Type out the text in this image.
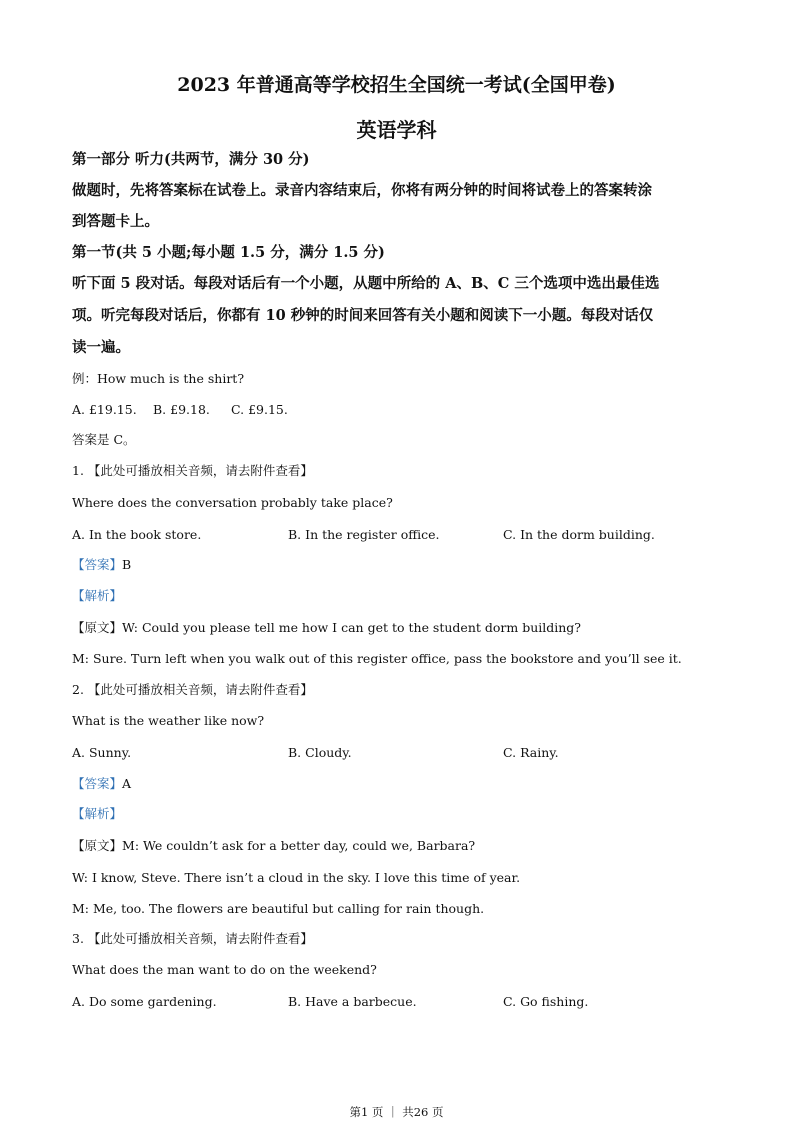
2023 年普通高等学校招生全国统一考试(全国甲卷)
英语学科
第一部分 听力(共两节，满分 30 分)
做题时，先将答案标在试卷上。录音内容结束后，你将有两分钟的时间将试卷上的答案转涂
到答题卡上。
第一节(共 5 小题;每小题 1.5 分，满分 1.5 分)
听下面 5 段对话。每段对话后有一个小题，从题中所给的 A、B、C 三个选项中选出最佳选
项。听完每段对话后，你都有 10 秒钟的时间来回答有关小题和阅读下一小题。每段对话仅
读一遍。
例：How much is the shirt?
A. £19.15. B. £9.18. C. £9.15.
答案是 C。
1. 【此处可播放相关音频，请去附件查看】
Where does the conversation probably take place?
A. In the book store.	B. In the register office.	C. In the dorm building.
【答案】B
【解析】
【原文】W: Could you please tell me how I can get to the student dorm building?
M: Sure. Turn left when you walk out of this register office, pass the bookstore and you’ll see it.
2. 【此处可播放相关音频，请去附件查看】
What is the weather like now?
A. Sunny.	B. Cloudy.	C. Rainy.
【答案】A
【解析】
【原文】M: We couldn’t ask for a better day, could we, Barbara?
W: I know, Steve. There isn’t a cloud in the sky. I love this time of year.
M: Me, too. The flowers are beautiful but calling for rain though.
3. 【此处可播放相关音频，请去附件查看】
What does the man want to do on the weekend?
A. Do some gardening.	B. Have a barbecue.	C. Go fishing.
第1 页 ｜ 共26 页
